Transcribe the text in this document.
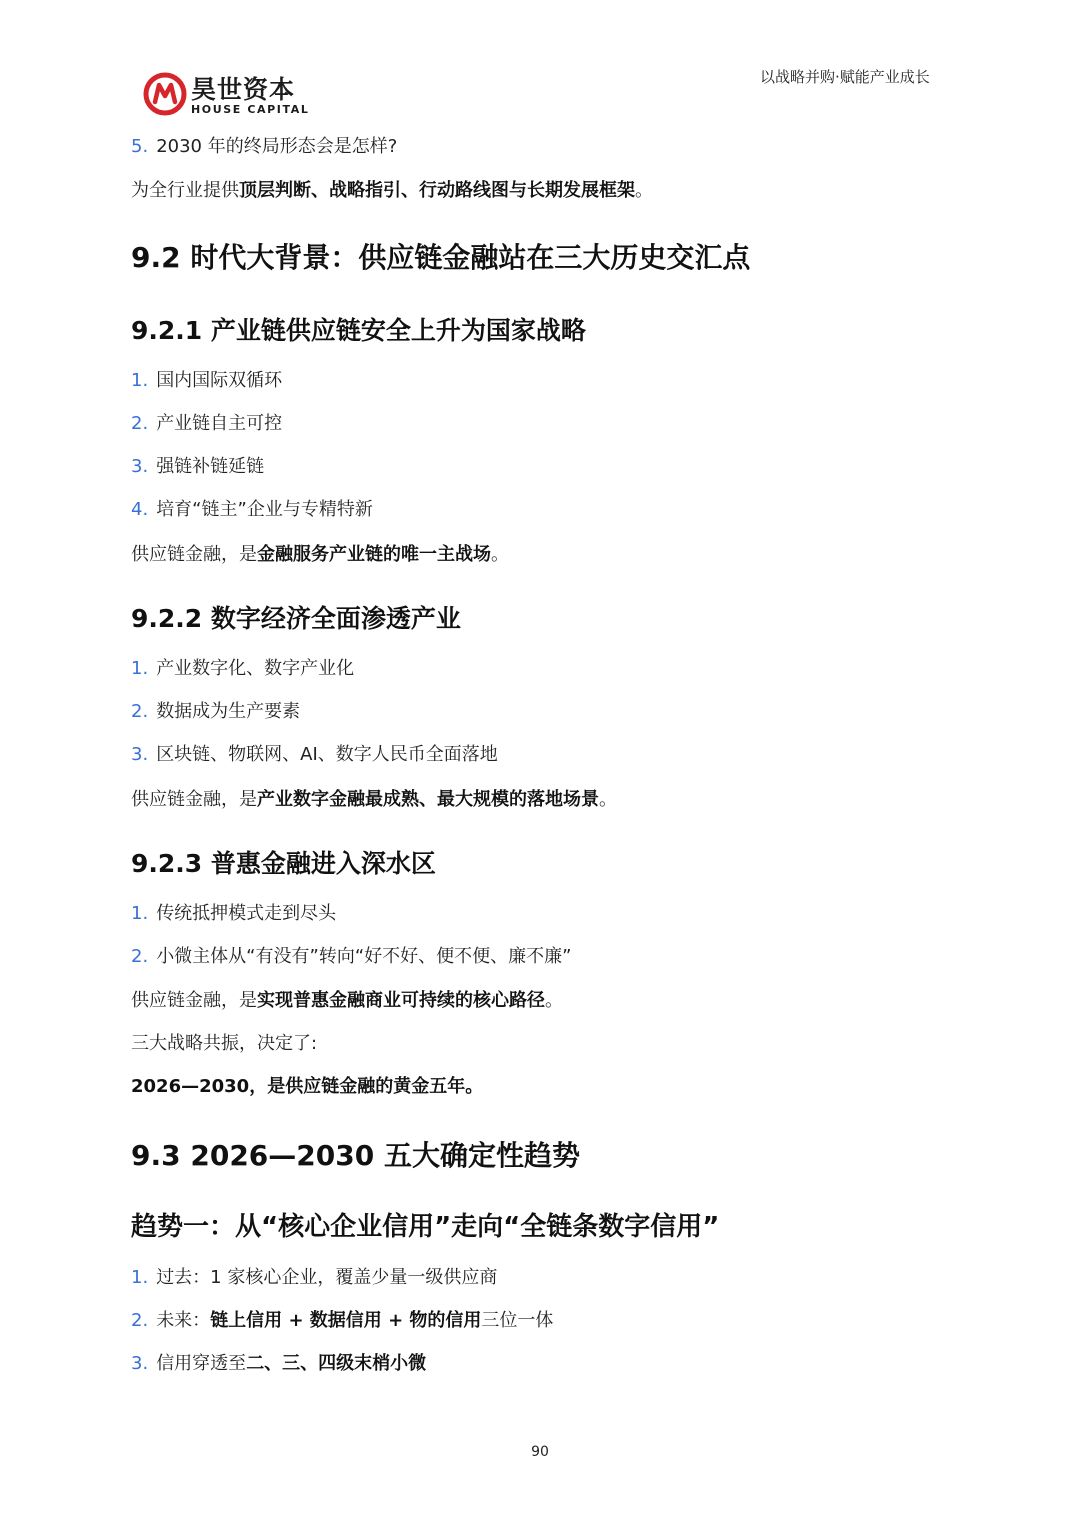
以战略并购·赋能产业成长
昊世资本
HOUSE CAPITAL
5. 2030 年的终局形态会是怎样?
为全行业提供顶层判断、战略指引、行动路线图与长期发展框架。
9.2 时代大背景：供应链金融站在三大历史交汇点
9.2.1 产业链供应链安全上升为国家战略
1. 国内国际双循环
2. 产业链自主可控
3. 强链补链延链
4. 培育“链主”企业与专精特新
供应链金融，是金融服务产业链的唯一主战场。
9.2.2 数字经济全面渗透产业
1. 产业数字化、数字产业化
2. 数据成为生产要素
3. 区块链、物联网、AI、数字人民币全面落地
供应链金融，是产业数字金融最成熟、最大规模的落地场景。
9.2.3 普惠金融进入深水区
1. 传统抵押模式走到尽头
2. 小微主体从“有没有”转向“好不好、便不便、廉不廉”
供应链金融，是实现普惠金融商业可持续的核心路径。
三大战略共振，决定了:
2026—2030，是供应链金融的黄金五年。
9.3 2026—2030 五大确定性趋势
趋势一：从“核心企业信用”走向“全链条数字信用”
1. 过去：1 家核心企业，覆盖少量一级供应商
2. 未来：链上信用 + 数据信用 + 物的信用三位一体
3. 信用穿透至二、三、四级末梢小微
90
